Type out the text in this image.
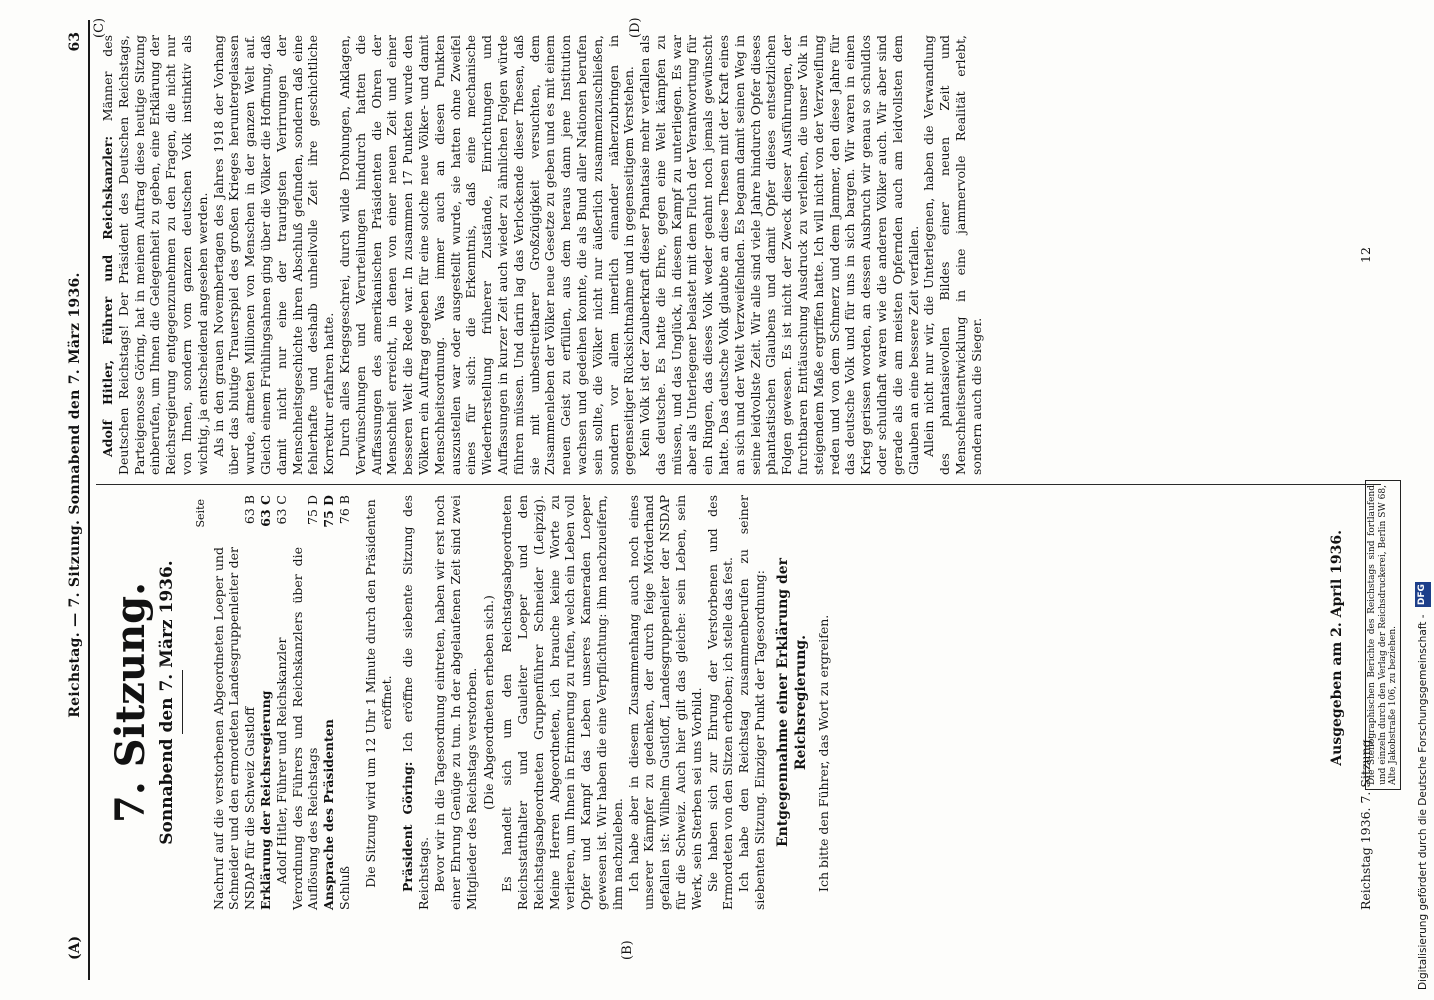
(A)
Reichstag. — 7. Sitzung. Sonnabend den 7. März 1936.
63
(B)
(C)	(D)
7. Sitzung. Sonnabend den 7. März 1936.
Seite
Nachruf auf die verstorbenen Abgeordneten Loeper und Schneider und den ermordeten Landesgruppenleiter der NSDAP für die Schweiz Gustloff
63 B
Erklärung der Reichsregierung
63 C
Adolf Hitler, Führer und Reichskanzler
63 C
Verordnung des Führers und Reichskanzlers über die Auflösung des Reichstags
75 D
Ansprache des Präsidenten
75 D
Schluß
76 B Die Sitzung wird um 12 Uhr 1 Minute durch den Präsidenten eröffnet.

Präsident Göring: Ich eröffne die siebente Sitzung des Reichstags. Bevor wir in die Tagesordnung eintreten, haben wir erst noch einer Ehrung Genüge zu tun. In der abgelaufenen Zeit sind zwei Mitglieder des Reichstags verstorben. (Die Abgeordneten erheben sich.) Es handelt sich um den Reichstagsabgeordneten Reichsstatthalter und Gauleiter Loeper und den Reichstagsabgeordneten Gruppenführer Schneider (Leipzig). Meine Herren Abgeordneten, ich brauche keine Worte zu verlieren, um Ihnen in Erinnerung zu rufen, welch ein Leben voll Opfer und Kampf das Leben unseres Kameraden Loeper gewesen ist. Wir haben die eine Verpflichtung: ihm nachzueifern, ihm nachzuleben. Ich habe aber in diesem Zusammenhang auch noch eines unserer Kämpfer zu gedenken, der durch feige Mörderhand gefallen ist: Wilhelm Gustloff, Landesgruppenleiter der NSDAP für die Schweiz. Auch hier gilt das gleiche: sein Leben, sein Werk, sein Sterben sei uns Vorbild. Sie haben sich zur Ehrung der Verstorbenen und des Ermordeten von den Sitzen erhoben; ich stelle das fest. Ich habe den Reichstag zusammenberufen zu seiner siebenten Sitzung. Einziger Punkt der Tagesordnung: Entgegennahme einer Erklärung der Reichsregierung. Ich bitte den Führer, das Wort zu ergreifen.	Ausgegeben am 2. April 1936. Die Stenographischen Berichte des Reichstags sind fortlaufend und einzeln durch den Verlag der Reichsdruckerei, Berlin SW 68, Alte Jakobstraße 106, zu beziehen.

Adolf Hitler, Führer und Reichskanzler: Männer des Deutschen Reichstags! Der Präsident des Deutschen Reichstags, Parteigenosse Göring, hat in meinem Auftrag diese heutige Sitzung einberufen, um Ihnen die Gelegenheit zu geben, eine Erklärung der Reichsregierung entgegenzunehmen zu den Fragen, die nicht nur von Ihnen, sondern vom ganzen deutschen Volk instinktiv als wichtig, ja entscheidend angesehen werden. Als in den grauen Novembertagen des Jahres 1918 der Vorhang über das blutige Trauerspiel des großen Krieges heruntergelassen wurde, atmeten Millionen von Menschen in der ganzen Welt auf. Gleich einem Frühlingsahnen ging über die Völker die Hoffnung, daß damit nicht nur eine der traurigsten Verirrungen der Menschheitsgeschichte ihren Abschluß gefunden, sondern daß eine fehlerhafte und deshalb unheilvolle Zeit ihre geschichtliche Korrektur erfahren hatte. Durch alles Kriegsgeschrei, durch wilde Drohungen, Anklagen, Verwünschungen und Verurteilungen hindurch hatten die Auffassungen des amerikanischen Präsidenten die Ohren der Menschheit erreicht, in denen von einer neuen Zeit und einer besseren Welt die Rede war. In zusammen 17 Punkten wurde den Völkern ein Auftrag gegeben für eine solche neue Völker- und damit Menschheitsordnung. Was immer auch an diesen Punkten auszustellen war oder ausgestellt wurde, sie hatten ohne Zweifel eines für sich: die Erkenntnis, daß eine mechanische Wiederherstellung früherer Zustände, Einrichtungen und Auffassungen in kurzer Zeit auch wieder zu ähnlichen Folgen würde führen müssen. Und darin lag das Verlockende dieser Thesen, daß sie mit unbestreitbarer Großzügigkeit versuchten, dem Zusammenleben der Völker neue Gesetze zu geben und es mit einem neuen Geist zu erfüllen, aus dem heraus dann jene Institution wachsen und gedeihen konnte, die als Bund aller Nationen berufen sein sollte, die Völker nicht nur äußerlich zusammenzuschließen, sondern vor allem innerlich einander näherzubringen in gegenseitiger Rücksichtnahme und in gegenseitigem Verstehen. Kein Volk ist der Zauberkraft dieser Phantasie mehr verfallen als das deutsche. Es hatte die Ehre, gegen eine Welt kämpfen zu müssen, und das Unglück, in diesem Kampf zu unterliegen. Es war aber als Unterlegener belastet mit dem Fluch der Verantwortung für ein Ringen, das dieses Volk weder geahnt noch jemals gewünscht hatte. Das deutsche Volk glaubte an diese Thesen mit der Kraft eines an sich und der Welt Verzweifelnden. Es begann damit seinen Weg in seine leidvollste Zeit. Wir alle sind viele Jahre hindurch Opfer dieses phantastischen Glaubens und damit Opfer dieses entsetzlichen Folgen gewesen. Es ist nicht der Zweck dieser Ausführungen, der furchtbaren Enttäuschung Ausdruck zu verleihen, die unser Volk in steigendem Maße ergriffen hatte. Ich will nicht von der Verzweiflung reden und von dem Schmerz und dem Jammer, den diese Jahre für das deutsche Volk und für uns in sich bargen. Wir waren in einen Krieg gerissen worden, an dessen Ausbruch wir genau so schuldlos oder schuldhaft waren wie die anderen Völker auch. Wir aber sind gerade als die am meisten Opfernden auch am leidvollsten dem Glauben an eine bessere Zeit verfallen. Allein nicht nur wir, die Unterlegenen, haben die Verwandlung des phantasievollen Bildes einer neuen Zeit und Menschheitsentwicklung in eine jammervolle Realität erlebt, sondern auch die Sieger.

Reichstag 1936. 7. Sitzung.
12
Digitalisierung gefördert durch die Deutsche Forschungsgemeinschaft - DFG
